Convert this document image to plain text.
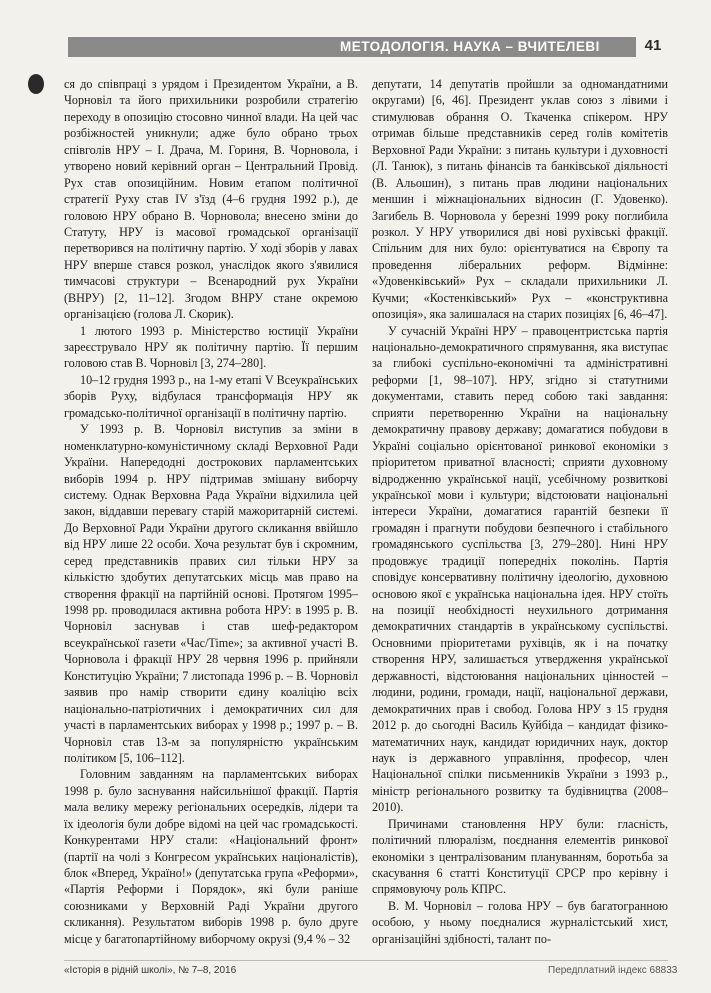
МЕТОДОЛОГІЯ. НАУКА – ВЧИТЕЛЕВІ	41

ся до співпраці з урядом і Президентом України, а В. Чорновіл та його прихильники розробили стратегію переходу в опозицію стосовно чинної влади. На цей час розбіжностей уникнули; адже було обрано трьох співголів НРУ – І. Драча, М. Гориня, В. Чорновола, і утворено новий керівний орган – Центральний Провід. Рух став опозиційним. Новим етапом політичної стратегії Руху став IV з'їзд (4–6 грудня 1992 р.), де головою НРУ обрано В. Чорновола; внесено зміни до Статуту, НРУ із масової громадської організації перетворився на політичну партію. У ході зборів у лавах НРУ вперше стався розкол, унаслідок якого з'явилися тимчасові структури – Всенародний рух України (ВНРУ) [2, 11–12]. Згодом ВНРУ стане окремою організацією (голова Л. Скорик).

1 лютого 1993 р. Міністерство юстиції України зареєструвало НРУ як політичну партію. Її першим головою став В. Чорновіл [3, 274–280].

10–12 грудня 1993 р., на 1-му етапі V Всеукраїнських зборів Руху, відбулася трансформація НРУ як громадсько-політичної організації в політичну партію.

У 1993 р. В. Чорновіл виступив за зміни в номенклатурно-комуністичному складі Верховної Ради України. Напередодні дострокових парламентських виборів 1994 р. НРУ підтримав змішану виборчу систему. Однак Верховна Рада України відхилила цей закон, віддавши перевагу старій мажоритарній системі. До Верховної Ради України другого скликання ввійшло від НРУ лише 22 особи. Хоча результат був і скромним, серед представників правих сил тільки НРУ за кількістю здобутих депутатських місць мав право на створення фракції на партійній основі. Протягом 1995–1998 рр. проводилася активна робота НРУ: в 1995 р. В. Чорновіл заснував і став шеф-редактором всеукраїнської газети «Час/Time»; за активної участі В. Чорновола і фракції НРУ 28 червня 1996 р. прийняли Конституцію України; 7 листопада 1996 р. – В. Чорновіл заявив про намір створити єдину коаліцію всіх національно-патріотичних і демократичних сил для участі в парламентських виборах у 1998 р.; 1997 р. – В. Чорновіл став 13-м за популярністю українським політиком [5, 106–112].

Головним завданням на парламентських виборах 1998 р. було заснування найсильнішої фракції. Партія мала велику мережу регіональних осередків, лідери та їх ідеологія були добре відомі на цей час громадськості. Конкурентами НРУ стали: «Національний фронт» (партії на чолі з Конгресом українських націоналістів), блок «Вперед, Україно!» (депутатська група «Реформи», «Партія Реформи і Порядок», які були раніше союзниками у Верховній Раді України другого скликання). Результатом виборів 1998 р. було друге місце у багатопартійному виборчому окрузі (9,4 % – 32

депутати, 14 депутатів пройшли за одномандатними округами) [6, 46]. Президент уклав союз з лівими і стимулював обрання О. Ткаченка спікером. НРУ отримав більше представників серед голів комітетів Верховної Ради України: з питань культури і духовності (Л. Танюк), з питань фінансів та банківської діяльності (В. Альошин), з питань прав людини національних меншин і міжнаціональних відносин (Г. Удовенко). Загибель В. Чорновола у березні 1999 року поглибила розкол. У НРУ утворилися дві нові рухівські фракції. Спільним для них було: орієнтуватися на Європу та проведення ліберальних реформ. Відмінне: «Удовенківський» Рух – складали прихильники Л. Кучми; «Костенківський» Рух – «конструктивна опозиція», яка залишалася на старих позиціях [6, 46–47].

У сучасній Україні НРУ – правоцентристська партія національно-демократичного спрямування, яка виступає за глибокі суспільно-економічні та адміністративні реформи [1, 98–107]. НРУ, згідно зі статутними документами, ставить перед собою такі завдання: сприяти перетворенню України на національну демократичну правову державу; домагатися побудови в Україні соціально орієнтованої ринкової економіки з пріоритетом приватної власності; сприяти духовному відродженню української нації, усебічному розвиткові української мови і культури; відстоювати національні інтереси України, домагатися гарантій безпеки її громадян і прагнути побудови безпечного і стабільного громадянського суспільства [3, 279–280]. Нині НРУ продовжує традиції попередніх поколінь. Партія сповідує консервативну політичну ідеологію, духовною основою якої є українська національна ідея. НРУ стоїть на позиції необхідності неухильного дотримання демократичних стандартів в українському суспільстві. Основними пріоритетами рухівців, як і на початку створення НРУ, залишається утвердження української державності, відстоювання національних цінностей – людини, родини, громади, нації, національної держави, демократичних прав і свобод. Голова НРУ з 15 грудня 2012 р. до сьогодні Василь Куйбіда – кандидат фізико-математичних наук, кандидат юридичних наук, доктор наук із державного управління, професор, член Національної спілки письменників України з 1993 р., міністр регіонального розвитку та будівництва (2008–2010).

Причинами становлення НРУ були: гласність, політичний плюралізм, поєднання елементів ринкової економіки з централізованим плануванням, боротьба за скасування 6 статті Конституції СРСР про керівну і спрямовуючу роль КПРС.

В. М. Чорновіл – голова НРУ – був багатогранною особою, у ньому поєдналися журналістський хист, організаційні здібності, талант по-

«Історія в рідній школі», № 7–8, 2016	Передплатний індекс 68833
